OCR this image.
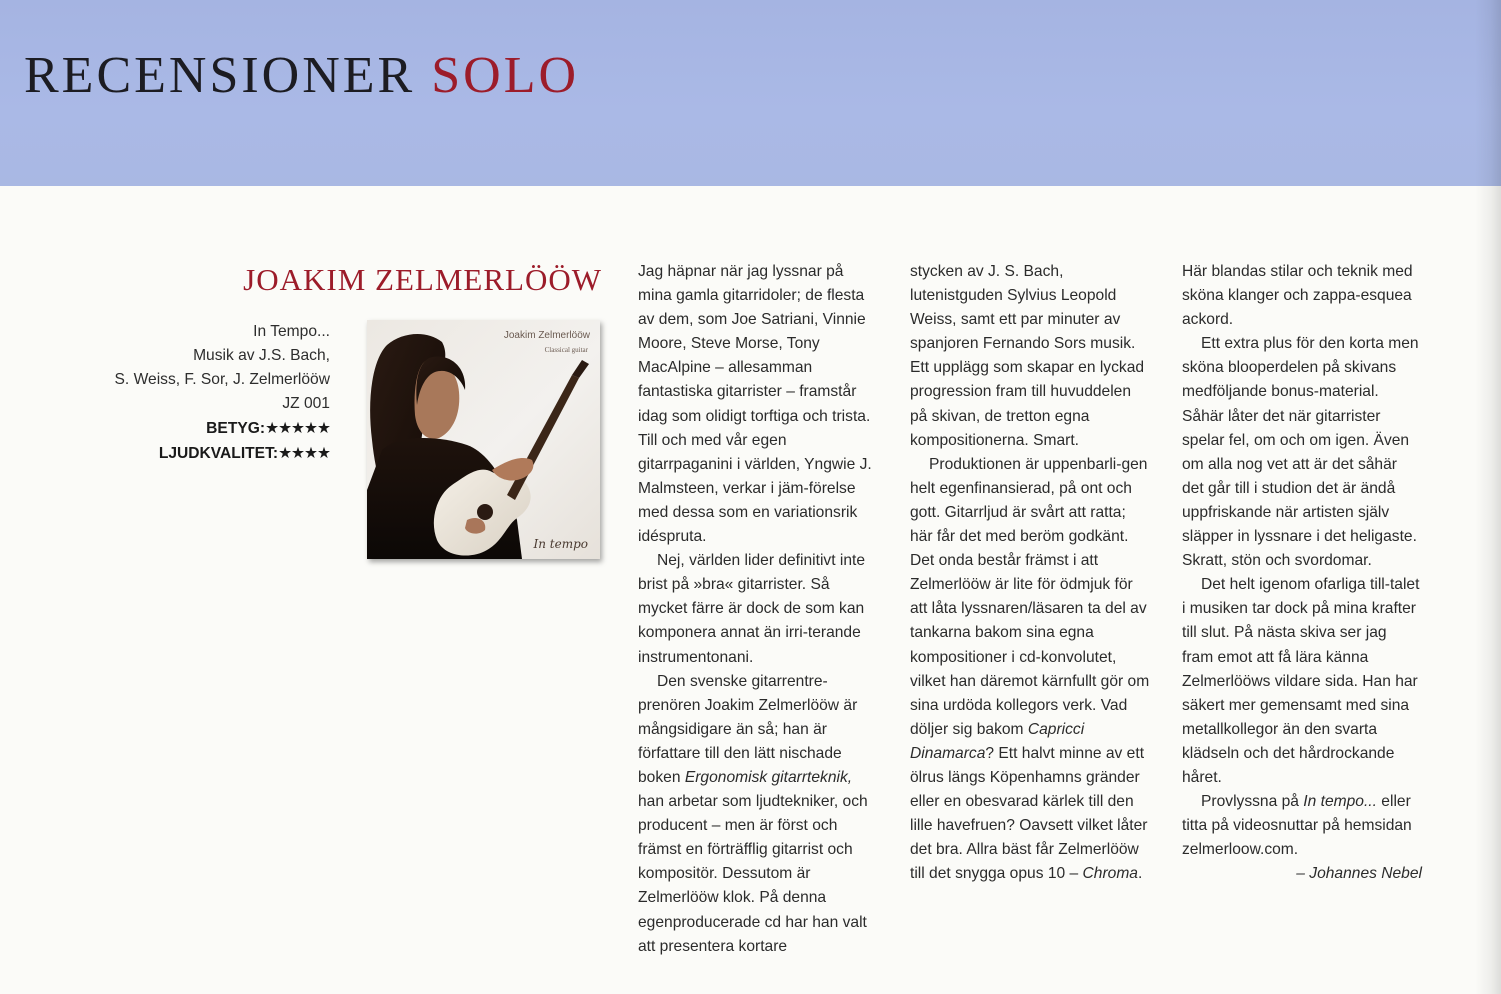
RECENSIONER SOLO
JOAKIM ZELMERLÖÖW
In Tempo...
Musik av J.S. Bach,
S. Weiss, F. Sor, J. Zelmerlööw
JZ 001
BETYG:★★★★★
LJUDKVALITET:★★★★
Joakim Zelmerlööw
Classical guitar
In tempo

Jag häpnar när jag lyssnar på mina gamla gitarridoler; de flesta av dem, som Joe Satriani, Vinnie Moore, Steve Morse, Tony MacAlpine – allesamman fantastiska gitarrister – framstår idag som olidigt torftiga och trista. Till och med vår egen gitarrpaganini i världen, Yngwie J. Malmsteen, verkar i jäm-förelse med dessa som en variationsrik idéspruta.

Nej, världen lider definitivt inte brist på »bra« gitarrister. Så mycket färre är dock de som kan komponera annat än irri-terande instrumentonani.

Den svenske gitarrentre-prenören Joakim Zelmerlööw är mångsidigare än så; han är författare till den lätt nischade boken Ergonomisk gitarrteknik, han arbetar som ljudtekniker, och producent – men är först och främst en förträfflig gitarrist och kompositör. Dessutom är Zelmerlööw klok. På denna egenproducerade cd har han valt att presentera kortare

stycken av J. S. Bach, lutenistguden Sylvius Leopold Weiss, samt ett par minuter av spanjoren Fernando Sors musik. Ett upplägg som skapar en lyckad progression fram till huvuddelen på skivan, de tretton egna kompositionerna. Smart.

Produktionen är uppenbarli-gen helt egenfinansierad, på ont och gott. Gitarrljud är svårt att ratta; här får det med beröm godkänt. Det onda består främst i att Zelmerlööw är lite för ödmjuk för att låta lyssnaren/läsaren ta del av tankarna bakom sina egna kompositioner i cd-konvolutet, vilket han däremot kärnfullt gör om sina urdöda kollegors verk. Vad döljer sig bakom Capricci Dinamarca? Ett halvt minne av ett ölrus längs Köpenhamns gränder eller en obesvarad kärlek till den lille havefruen? Oavsett vilket låter det bra. Allra bäst får Zelmerlööw till det snygga opus 10 – Chroma.

Här blandas stilar och teknik med sköna klanger och zappa-esquea ackord.

Ett extra plus för den korta men sköna blooperdelen på skivans medföljande bonus-material. Såhär låter det när gitarrister spelar fel, om och om igen. Även om alla nog vet att är det såhär det går till i studion det är ändå uppfriskande när artisten själv släpper in lyssnare i det heligaste. Skratt, stön och svordomar.

Det helt igenom ofarliga till-talet i musiken tar dock på mina krafter till slut. På nästa skiva ser jag fram emot att få lära känna Zelmerlööws vildare sida. Han har säkert mer gemensamt med sina metallkollegor än den svarta klädseln och det hårdrockande håret.

Provlyssna på In tempo... eller titta på videosnuttar på hemsidan zelmerloow.com.

– Johannes Nebel
